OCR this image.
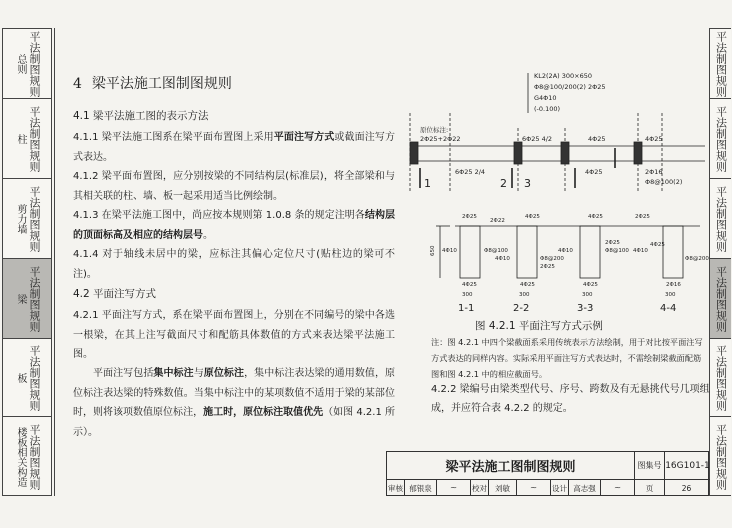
总则 平法制图规则
柱 平法制图规则
剪力墙 平法制图规则
梁 平法制图规则
板 平法制图规则
楼板相关构造 平法制图规则
平法制图规则
平法制图规则
平法制图规则
平法制图规则
平法制图规则
平法制图规则
4 梁平法施工图制图规则
4.1 梁平法施工图的表示方法
4.1.1 梁平法施工图系在梁平面布置图上采用平面注写方式或截面注写方式表达。
4.1.2 梁平面布置图，应分别按梁的不同结构层(标准层)，将全部梁和与其相关联的柱、墙、板一起采用适当比例绘制。
4.1.3 在梁平法施工图中，尚应按本规则第 1.0.8 条的规定注明各结构层的顶面标高及相应的结构层号。
4.1.4 对于轴线未居中的梁，应标注其偏心定位尺寸(贴柱边的梁可不注)。
4.2 平面注写方式
4.2.1 平面注写方式，系在梁平面布置图上，分别在不同编号的梁中各选一根梁，在其上注写截面尺寸和配筋具体数值的方式来表达梁平法施工图。
平面注写包括集中标注与原位标注，集中标注表达梁的通用数值，原位标注表达梁的特殊数值。当集中标注中的某项数值不适用于梁的某部位时，则将该项数值原位标注，施工时，原位标注取值优先（如图 4.2.1 所示）。
KL2(2A) 300×650
Φ8@100/200(2) 2Φ25
G4Φ10
(-0.100)
原位标注:
2Φ25+2Φ22
6Φ25 2/4
6Φ25 4/2	4Φ25
4Φ25
4Φ25
2Φ16
Φ8@100(2)
1	2 3
650
2Φ25
2Φ22
4Φ10	Φ8@100
4Φ25
4Φ25
4Φ10	Φ8@200
2Φ25
4Φ25
4Φ25
2Φ25
4Φ10	Φ8@100
4Φ25
2Φ25
4Φ25
4Φ10
Φ8@200
2Φ16
300	300	300	300
1-1	2-2	3-3	4-4
图 4.2.1 平面注写方式示例
注：图 4.2.1 中四个梁截面系采用传统表示方法绘制，用于对比按平面注写方式表达的同样内容。实际采用平面注写方式表达时，不需绘制梁截面配筋图和图 4.2.1 中的相应截面号。
4.2.2 梁编号由梁类型代号、序号、跨数及有无悬挑代号几项组成，并应符合表 4.2.2 的规定。
梁平法施工图制图规则	图集号 16G101-1
审核 郁银泉	~	校对	刘敏	~	设计 高志强	~	页	26
